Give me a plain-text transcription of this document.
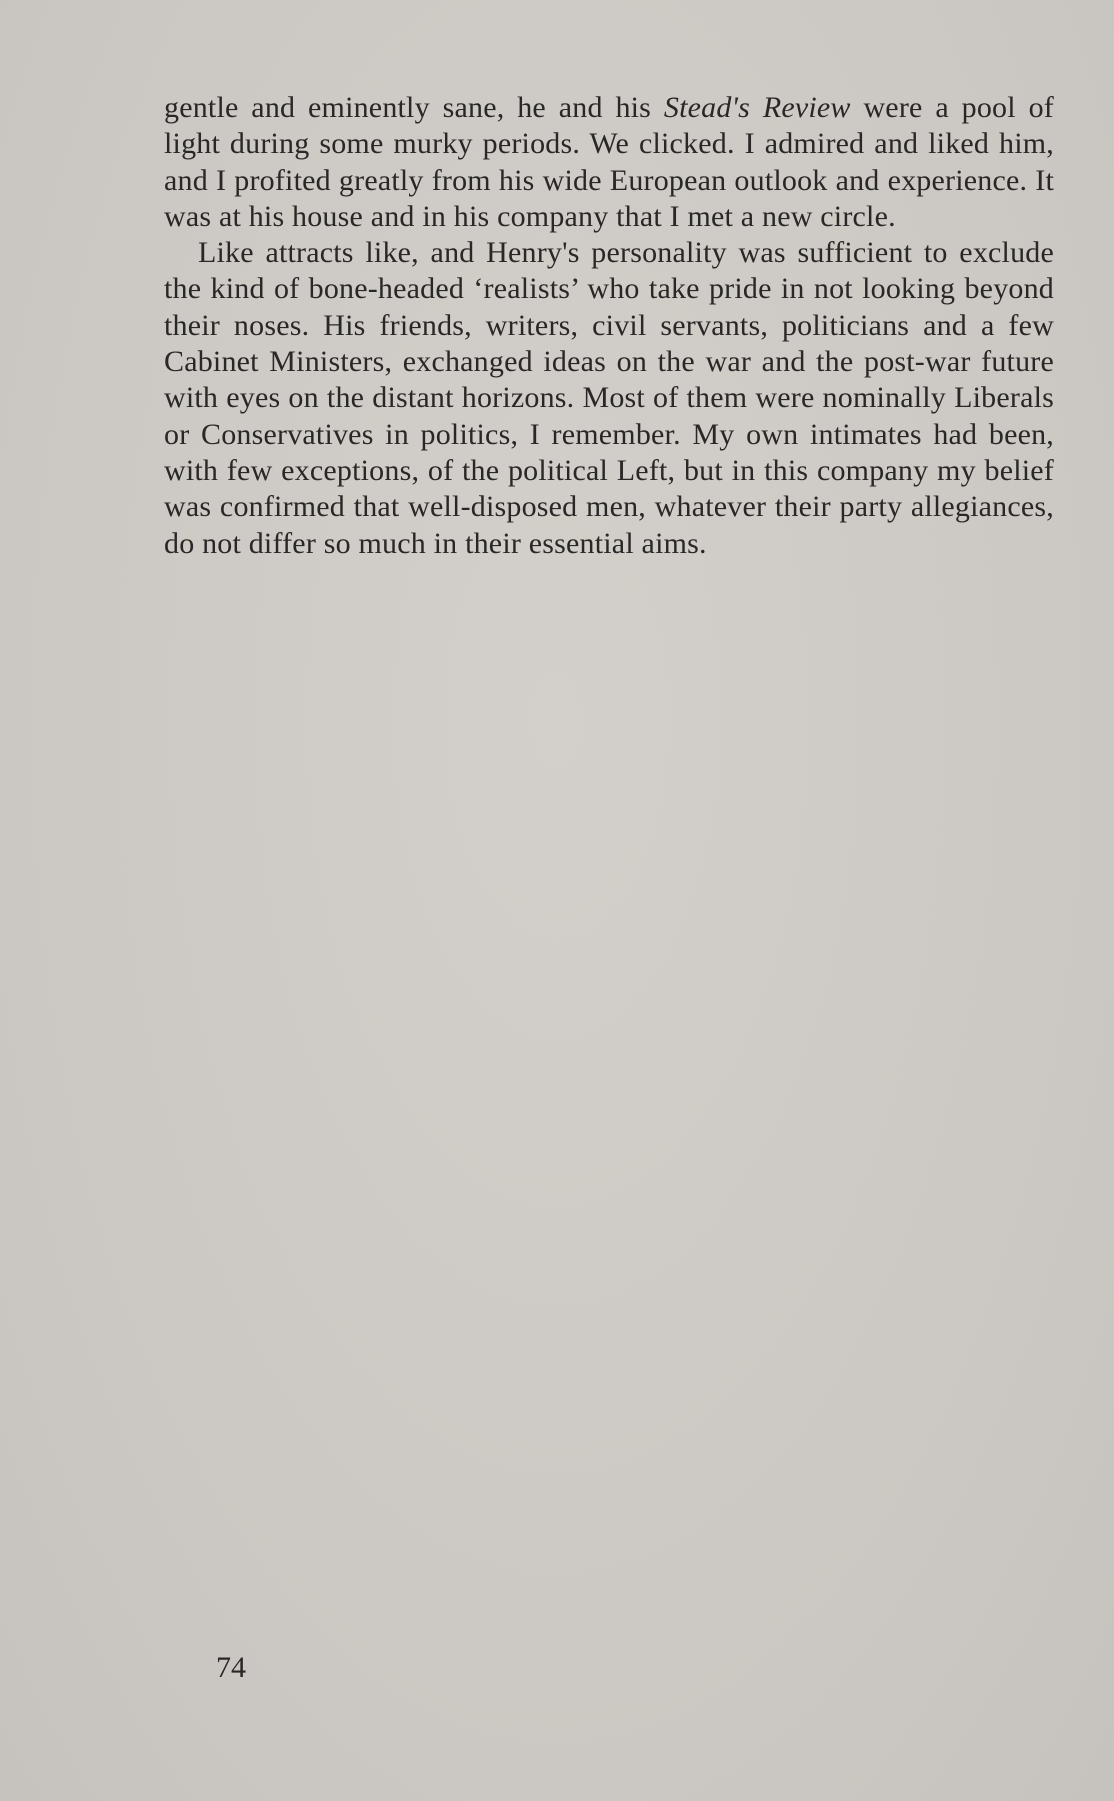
gentle and eminently sane, he and his Stead's Review were a pool of light during some murky periods. We clicked. I admired and liked him, and I profited greatly from his wide European outlook and experience. It was at his house and in his company that I met a new circle.

Like attracts like, and Henry's personality was sufficient to exclude the kind of bone-headed ‘realists’ who take pride in not looking beyond their noses. His friends, writers, civil servants, politicians and a few Cabinet Ministers, exchanged ideas on the war and the post-war future with eyes on the distant horizons. Most of them were nominally Liberals or Conservatives in politics, I remember. My own intimates had been, with few exceptions, of the political Left, but in this company my belief was confirmed that well-disposed men, whatever their party allegiances, do not differ so much in their essential aims.

74
